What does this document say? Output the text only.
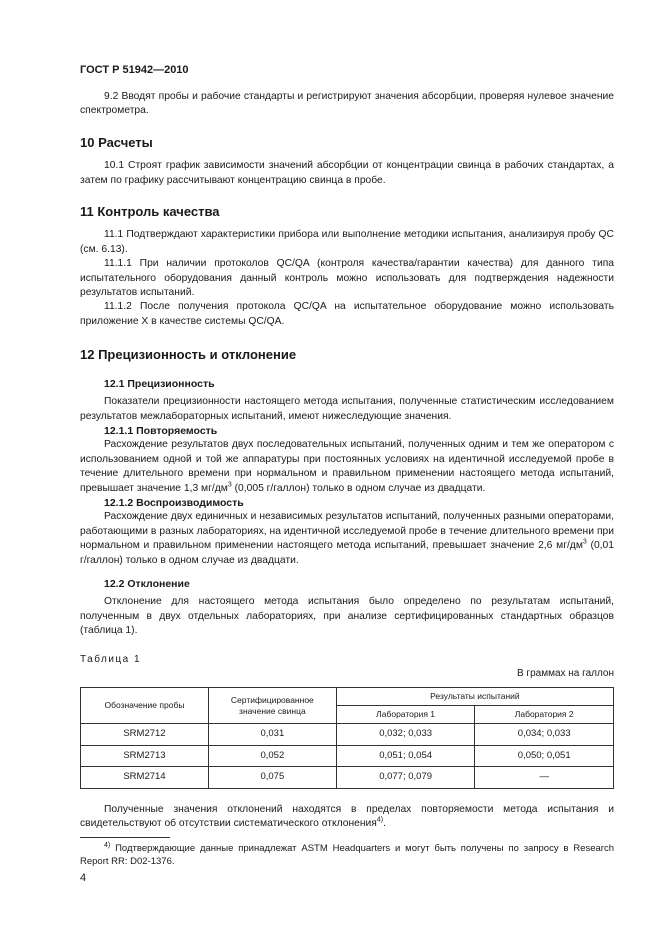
ГОСТ Р 51942—2010

9.2 Вводят пробы и рабочие стандарты и регистрируют значения абсорбции, проверяя нулевое значение спектрометра.

10 Расчеты

10.1 Строят график зависимости значений абсорбции от концентрации свинца в рабочих стандартах, а затем по графику рассчитывают концентрацию свинца в пробе.

11 Контроль качества

11.1 Подтверждают характеристики прибора или выполнение методики испытания, анализируя пробу QC (см. 6.13).

11.1.1 При наличии протоколов QC/QA (контроля качества/гарантии качества) для данного типа испытательного оборудования данный контроль можно использовать для подтверждения надежности результатов испытаний.

11.1.2 После получения протокола QC/QA на испытательное оборудование можно использовать приложение X в качестве системы QC/QA.

12 Прецизионность и отклонение
12.1 Прецизионность

Показатели прецизионности настоящего метода испытания, полученные статистическим исследованием результатов межлабораторных испытаний, имеют нижеследующие значения.

12.1.1 Повторяемость

Расхождение результатов двух последовательных испытаний, полученных одним и тем же оператором с использованием одной и той же аппаратуры при постоянных условиях на идентичной исследуемой пробе в течение длительного времени при нормальном и правильном применении настоящего метода испытаний, превышает значение 1,3 $мг/дм^3$ (0,005 г/галлон) только в одном случае из двадцати.

12.1.2 Воспроизводимость

Расхождение двух единичных и независимых результатов испытаний, полученных разными операторами, работающими в разных лабораториях, на идентичной исследуемой пробе в течение длительного времени при нормальном и правильном применении настоящего метода испытаний, превышает значение 2,6 $мг/дм^3$ (0,01 г/галлон) только в одном случае из двадцати.

12.2 Отклонение

Отклонение для настоящего метода испытания было определено по результатам испытаний, полученным в двух отдельных лабораториях, при анализе сертифицированных стандартных образцов (таблица 1).

Таблица 1
В граммах на галлон
Обозначение пробы	Сертифицированное значение свинца	Результаты испытаний	
		Лаборатория 1	Лаборатория 2
SRM2712	0,031	0,032; 0,033	0,034; 0,033
SRM2713	0,052	0,051; 0,054	0,050; 0,051
SRM2714	0,075	0,077; 0,079	—

Полученные значения отклонений находятся в пределах повторяемости метода испытания и свидетельствуют об отсутствии систематического отклонения$^{4)}$.

$^{4)}$ Подтверждающие данные принадлежат ASTM Headquarters и могут быть получены по запросу в Research Report RR: D02-1376.

4
